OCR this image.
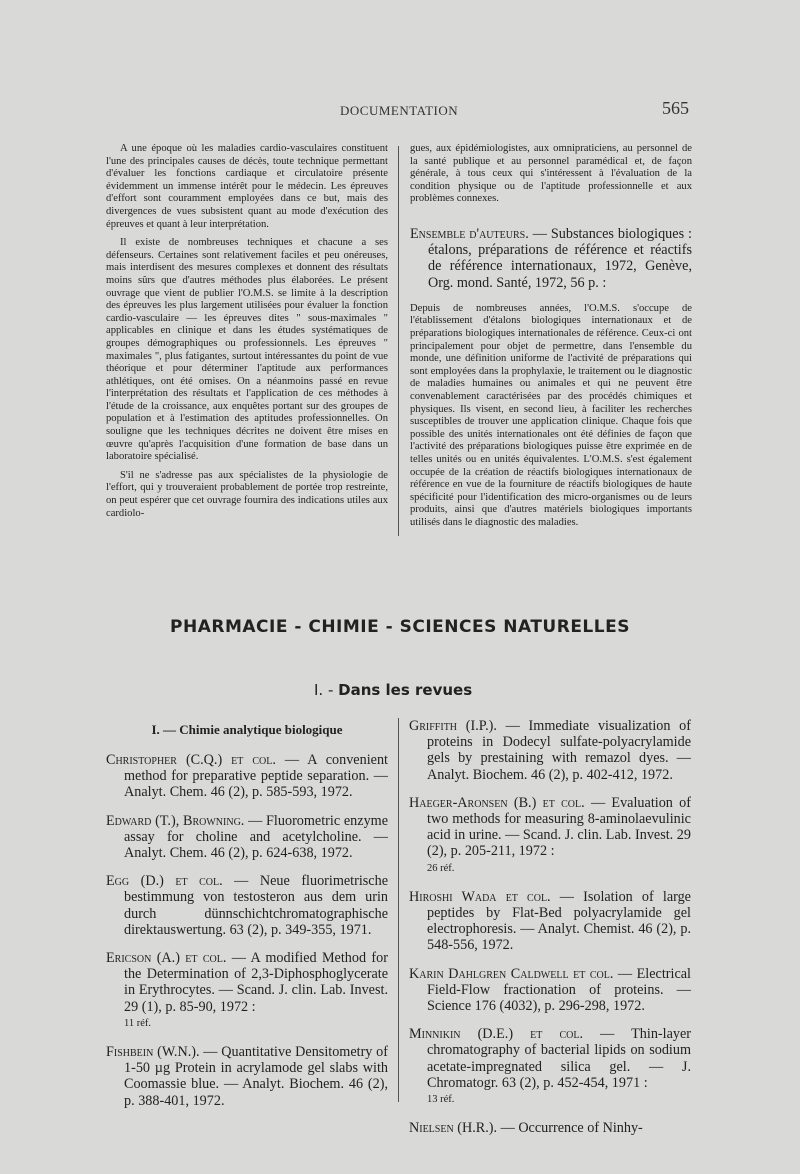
DOCUMENTATION	565

A une époque où les maladies cardio-vasculaires constituent l'une des principales causes de décès, toute technique permettant d'évaluer les fonctions cardiaque et circulatoire présente évidemment un immense intérêt pour le médecin. Les épreuves d'effort sont couramment employées dans ce but, mais des divergences de vues subsistent quant au mode d'exécution des épreuves et quant à leur interprétation.

Il existe de nombreuses techniques et chacune a ses défenseurs. Certaines sont relativement faciles et peu onéreuses, mais interdisent des mesures complexes et donnent des résultats moins sûrs que d'autres méthodes plus élaborées. Le présent ouvrage que vient de publier l'O.M.S. se limite à la description des épreuves les plus largement utilisées pour évaluer la fonction cardio-vasculaire — les épreuves dites " sous-maximales " applicables en clinique et dans les études systématiques de groupes démographiques ou professionnels. Les épreuves " maximales ", plus fatigantes, surtout intéressantes du point de vue théorique et pour déterminer l'aptitude aux performances athlétiques, ont été omises. On a néanmoins passé en revue l'interprétation des résultats et l'application de ces méthodes à l'étude de la croissance, aux enquêtes portant sur des groupes de population et à l'estimation des aptitudes professionnelles. On souligne que les techniques décrites ne doivent être mises en œuvre qu'après l'acquisition d'une formation de base dans un laboratoire spécialisé.

S'il ne s'adresse pas aux spécialistes de la physiologie de l'effort, qui y trouveraient probablement de portée trop restreinte, on peut espérer que cet ouvrage fournira des indications utiles aux cardiolo-

gues, aux épidémiologistes, aux omnipraticiens, au personnel de la santé publique et au personnel paramédical et, de façon générale, à tous ceux qui s'intéressent à l'évaluation de la condition physique ou de l'aptitude professionnelle et aux problèmes connexes.

Ensemble d'auteurs. — Substances biologiques : étalons, préparations de référence et réactifs de référence internationaux, 1972, Genève, Org. mond. Santé, 1972, 56 p. :

Depuis de nombreuses années, l'O.M.S. s'occupe de l'établissement d'étalons biologiques internationaux et de préparations biologiques internationales de référence. Ceux-ci ont principalement pour objet de permettre, dans l'ensemble du monde, une définition uniforme de l'activité de préparations qui sont employées dans la prophylaxie, le traitement ou le diagnostic de maladies humaines ou animales et qui ne peuvent être convenablement caractérisées par des procédés chimiques et physiques. Ils visent, en second lieu, à faciliter les recherches susceptibles de trouver une application clinique. Chaque fois que possible des unités internationales ont été définies de façon que l'activité des préparations biologiques puisse être exprimée en de telles unités ou en unités équivalentes. L'O.M.S. s'est également occupée de la création de réactifs biologiques internationaux de référence en vue de la fourniture de réactifs biologiques de haute spécificité pour l'identification des micro-organismes ou de leurs produits, ainsi que d'autres matériels biologiques importants utilisés dans le diagnostic des maladies.

PHARMACIE - CHIMIE - SCIENCES NATURELLES
I. - Dans les revues
I. — Chimie analytique biologique
Christopher (C.Q.) et col. — A convenient method for preparative peptide separation. — Analyt. Chem. 46 (2), p. 585-593, 1972.
Edward (T.), Browning. — Fluorometric enzyme assay for choline and acetylcholine. — Analyt. Chem. 46 (2), p. 624-638, 1972.
Egg (D.) et col. — Neue fluorimetrische bestimmung von testosteron aus dem urin durch dünnschichtchromatographische direktauswertung. 63 (2), p. 349-355, 1971.
Ericson (A.) et col. — A modified Method for the Determination of 2,3-Diphosphoglycerate in Erythrocytes. — Scand. J. clin. Lab. Invest. 29 (1), p. 85-90, 1972 :
11 réf.
Fishbein (W.N.). — Quantitative Densitometry of 1-50 µg Protein in acrylamode gel slabs with Coomassie blue. — Analyt. Biochem. 46 (2), p. 388-401, 1972.
Griffith (I.P.). — Immediate visualization of proteins in Dodecyl sulfate-polyacrylamide gels by prestaining with remazol dyes. — Analyt. Biochem. 46 (2), p. 402-412, 1972.
Haeger-Aronsen (B.) et col. — Evaluation of two methods for measuring 8-aminolaevulinic acid in urine. — Scand. J. clin. Lab. Invest. 29 (2), p. 205-211, 1972 :
26 réf.
Hiroshi Wada et col. — Isolation of large peptides by Flat-Bed polyacrylamide gel electrophoresis. — Analyt. Chemist. 46 (2), p. 548-556, 1972.
Karin Dahlgren Caldwell et col. — Electrical Field-Flow fractionation of proteins. — Science 176 (4032), p. 296-298, 1972.
Minnikin (D.E.) et col. — Thin-layer chromatography of bacterial lipids on sodium acetate-impregnated silica gel. — J. Chromatogr. 63 (2), p. 452-454, 1971 :
13 réf.
Nielsen (H.R.). — Occurrence of Ninhy-
